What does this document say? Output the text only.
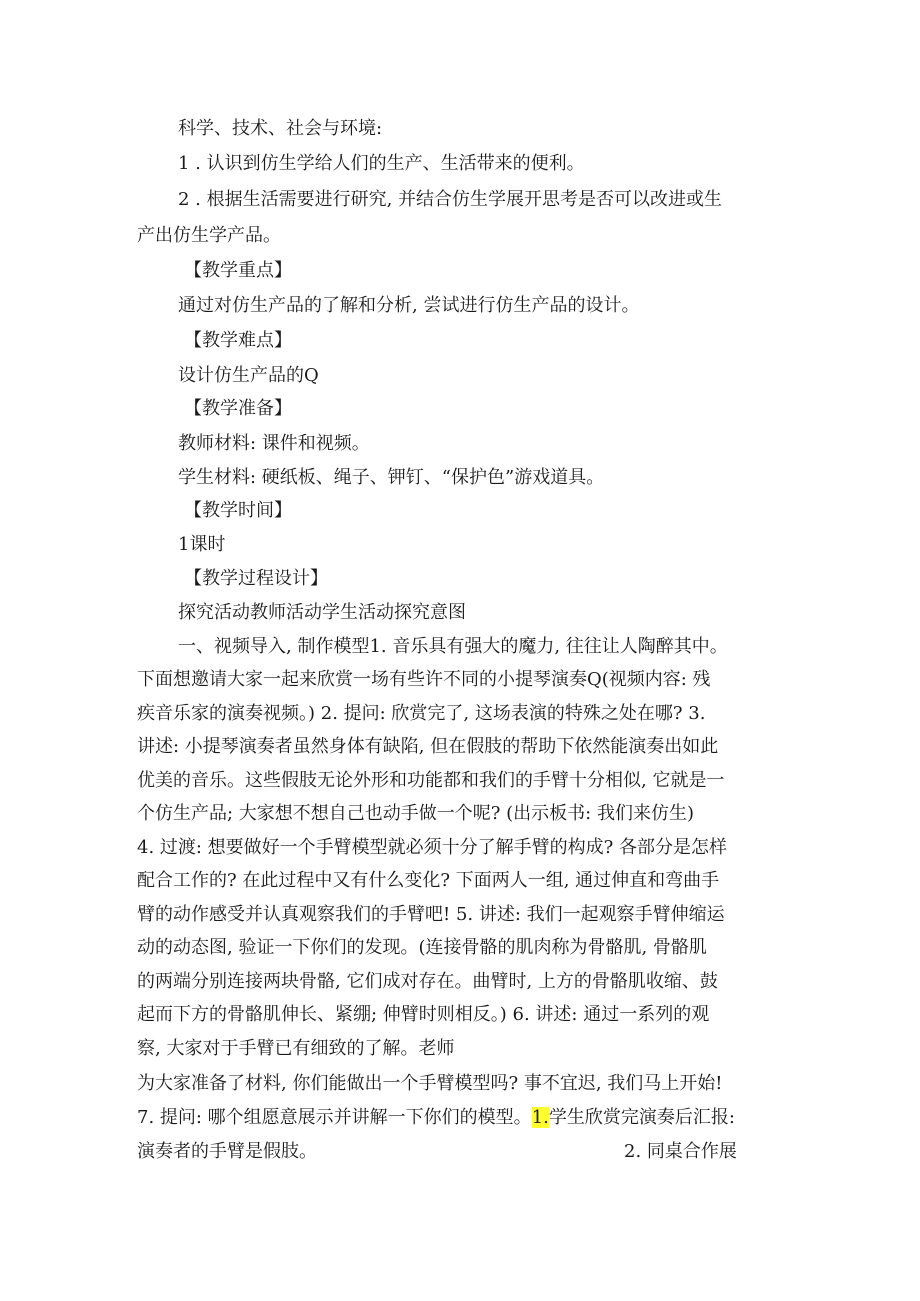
科学、技术、社会与环境:
1 . 认识到仿生学给人们的生产、生活带来的便利。
2 . 根据生活需要进行研究, 并结合仿生学展开思考是否可以改进或生
产出仿生学产品。
【教学重点】
通过对仿生产品的了解和分析, 尝试进行仿生产品的设计。
【教学难点】
设计仿生产品的Q
【教学准备】
教师材料: 课件和视频。
学生材料: 硬纸板、绳子、钾钉、“保护色”游戏道具。
【教学时间】
1课时
【教学过程设计】
探究活动教师活动学生活动探究意图
一、视频导入, 制作模型1. 音乐具有强大的魔力, 往往让人陶醉其中。
下面想邀请大家一起来欣赏一场有些许不同的小提琴演奏Q(视频内容: 残
疾音乐家的演奏视频。) 2. 提问: 欣赏完了, 这场表演的特殊之处在哪? 3.
讲述: 小提琴演奏者虽然身体有缺陷, 但在假肢的帮助下依然能演奏出如此
优美的音乐。这些假肢无论外形和功能都和我们的手臂十分相似, 它就是一
个仿生产品; 大家想不想自己也动手做一个呢? (出示板书: 我们来仿生)
4. 过渡: 想要做好一个手臂模型就必须十分了解手臂的构成? 各部分是怎样
配合工作的? 在此过程中又有什么变化? 下面两人一组, 通过伸直和弯曲手
臂的动作感受并认真观察我们的手臂吧! 5. 讲述: 我们一起观察手臂伸缩运
动的动态图, 验证一下你们的发现。(连接骨骼的肌肉称为骨骼肌, 骨骼肌
的两端分别连接两块骨骼, 它们成对存在。曲臂时, 上方的骨骼肌收缩、鼓
起而下方的骨骼肌伸长、紧绷; 伸臂时则相反。) 6. 讲述: 通过一系列的观
察, 大家对于手臂已有细致的了解。老师
为大家准备了材料, 你们能做出一个手臂模型吗? 事不宜迟, 我们马上开始!
7. 提问: 哪个组愿意展示并讲解一下你们的模型。1.学生欣赏完演奏后汇报:
演奏者的手臂是假肢。	2. 同桌合作展
